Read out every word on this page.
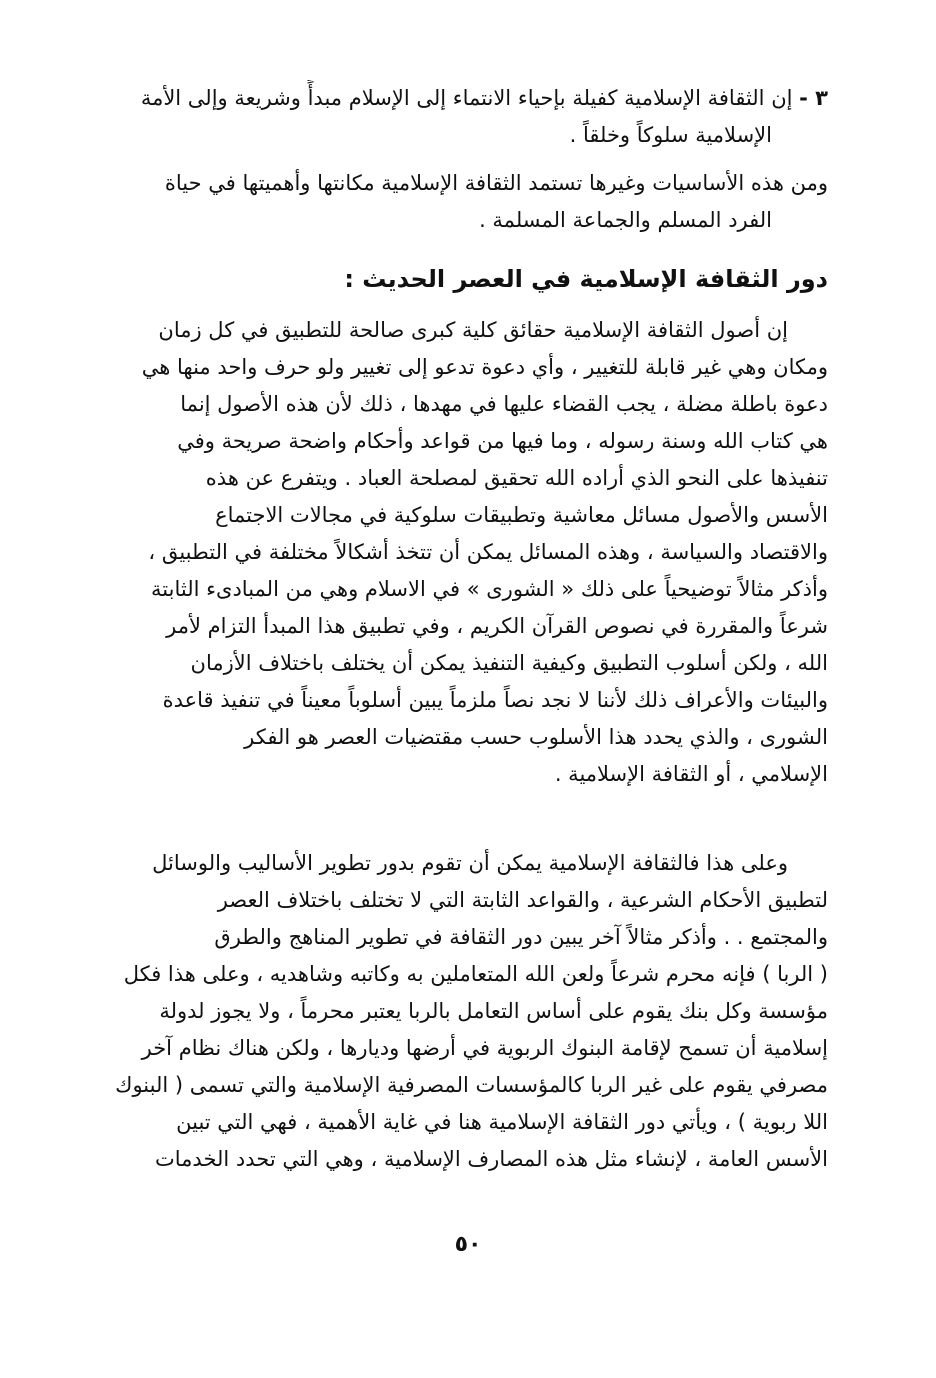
٣ - إن الثقافة الإسلامية كفيلة بإحياء الانتماء إلى الإسلام مبدأً وشريعة وإلى الأمة
الإسلامية سلوكاً وخلقاً .
ومن هذه الأساسيات وغيرها تستمد الثقافة الإسلامية مكانتها وأهميتها في حياة
الفرد المسلم والجماعة المسلمة .
دور الثقافة الإسلامية في العصر الحديث :
إن أصول الثقافة الإسلامية حقائق كلية كبرى صالحة للتطبيق في كل زمان
ومكان وهي غير قابلة للتغيير ، وأي دعوة تدعو إلى تغيير ولو حرف واحد منها هي
دعوة باطلة مضلة ، يجب القضاء عليها في مهدها ، ذلك لأن هذه الأصول إنما
هي كتاب الله وسنة رسوله ، وما فيها من قواعد وأحكام واضحة صريحة وفي
تنفيذها على النحو الذي أراده الله تحقيق لمصلحة العباد . ويتفرع عن هذه
الأسس والأصول مسائل معاشية وتطبيقات سلوكية في مجالات الاجتماع
والاقتصاد والسياسة ، وهذه المسائل يمكن أن تتخذ أشكالاً مختلفة في التطبيق ،
وأذكر مثالاً توضيحياً على ذلك « الشورى » في الاسلام وهي من المبادىء الثابتة
شرعاً والمقررة في نصوص القرآن الكريم ، وفي تطبيق هذا المبدأ التزام لأمر
الله ، ولكن أسلوب التطبيق وكيفية التنفيذ يمكن أن يختلف باختلاف الأزمان
والبيئات والأعراف ذلك لأننا لا نجد نصاً ملزماً يبين أسلوباً معيناً في تنفيذ قاعدة
الشورى ، والذي يحدد هذا الأسلوب حسب مقتضيات العصر هو الفكر
الإسلامي ، أو الثقافة الإسلامية .
وعلى هذا فالثقافة الإسلامية يمكن أن تقوم بدور تطوير الأساليب والوسائل
لتطبيق الأحكام الشرعية ، والقواعد الثابتة التي لا تختلف باختلاف العصر
والمجتمع . . وأذكر مثالاً آخر يبين دور الثقافة في تطوير المناهج والطرق
( الربا ) فإنه محرم شرعاً ولعن الله المتعاملين به وكاتبه وشاهديه ، وعلى هذا فكل
مؤسسة وكل بنك يقوم على أساس التعامل بالربا يعتبر محرماً ، ولا يجوز لدولة
إسلامية أن تسمح لإقامة البنوك الربوية في أرضها وديارها ، ولكن هناك نظام آخر
مصرفي يقوم على غير الربا كالمؤسسات المصرفية الإسلامية والتي تسمى ( البنوك
اللا ربوية ) ، ويأتي دور الثقافة الإسلامية هنا في غاية الأهمية ، فهي التي تبين
الأسس العامة ، لإنشاء مثل هذه المصارف الإسلامية ، وهي التي تحدد الخدمات
٥٠
